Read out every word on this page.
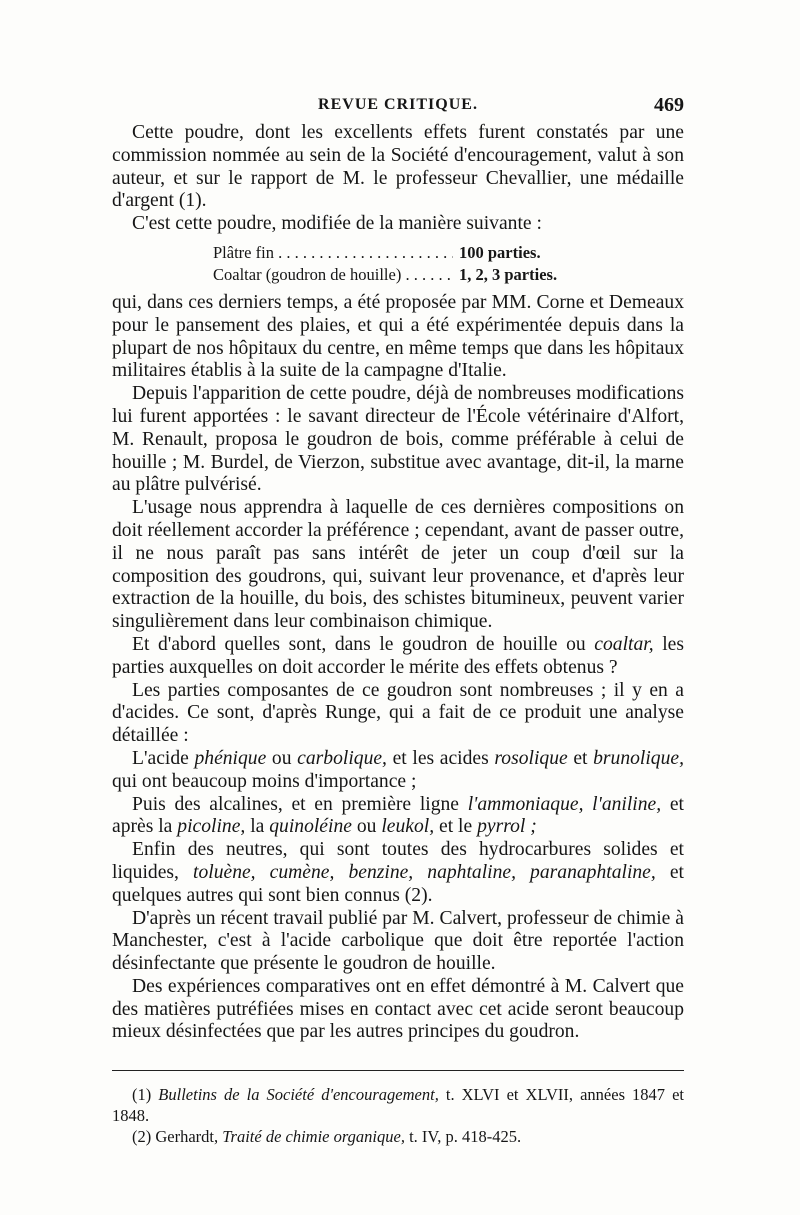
REVUE CRITIQUE.	469

Cette poudre, dont les excellents effets furent constatés par une commission nommée au sein de la Société d'encouragement, valut à son auteur, et sur le rapport de M. le professeur Chevallier, une médaille d'argent (1).

C'est cette poudre, modifiée de la manière suivante :

Plâtre fin . . .	100 parties.
Coaltar (goudron de houille) . . .	1, 2, 3 parties.

qui, dans ces derniers temps, a été proposée par MM. Corne et Demeaux pour le pansement des plaies, et qui a été expérimentée depuis dans la plupart de nos hôpitaux du centre, en même temps que dans les hôpitaux militaires établis à la suite de la campagne d'Italie.

Depuis l'apparition de cette poudre, déjà de nombreuses modifications lui furent apportées : le savant directeur de l'École vétérinaire d'Alfort, M. Renault, proposa le goudron de bois, comme préférable à celui de houille ; M. Burdel, de Vierzon, substitue avec avantage, dit-il, la marne au plâtre pulvérisé.

L'usage nous apprendra à laquelle de ces dernières compositions on doit réellement accorder la préférence ; cependant, avant de passer outre, il ne nous paraît pas sans intérêt de jeter un coup d'œil sur la composition des goudrons, qui, suivant leur provenance, et d'après leur extraction de la houille, du bois, des schistes bitumineux, peuvent varier singulièrement dans leur combinaison chimique.

Et d'abord quelles sont, dans le goudron de houille ou coaltar, les parties auxquelles on doit accorder le mérite des effets obtenus ?

Les parties composantes de ce goudron sont nombreuses ; il y en a d'acides. Ce sont, d'après Runge, qui a fait de ce produit une analyse détaillée :

L'acide phénique ou carbolique, et les acides rosolique et brunolique, qui ont beaucoup moins d'importance ;

Puis des alcalines, et en première ligne l'ammoniaque, l'aniline, et après la picoline, la quinoléine ou leukol, et le pyrrol ;

Enfin des neutres, qui sont toutes des hydrocarbures solides et liquides, toluène, cumène, benzine, naphtaline, paranaphtaline, et quelques autres qui sont bien connus (2).

D'après un récent travail publié par M. Calvert, professeur de chimie à Manchester, c'est à l'acide carbolique que doit être reportée l'action désinfectante que présente le goudron de houille.

Des expériences comparatives ont en effet démontré à M. Calvert que des matières putréfiées mises en contact avec cet acide seront beaucoup mieux désinfectées que par les autres principes du goudron.

(1) Bulletins de la Société d'encouragement, t. XLVI et XLVII, années 1847 et 1848.

(2) Gerhardt, Traité de chimie organique, t. IV, p. 418-425.
